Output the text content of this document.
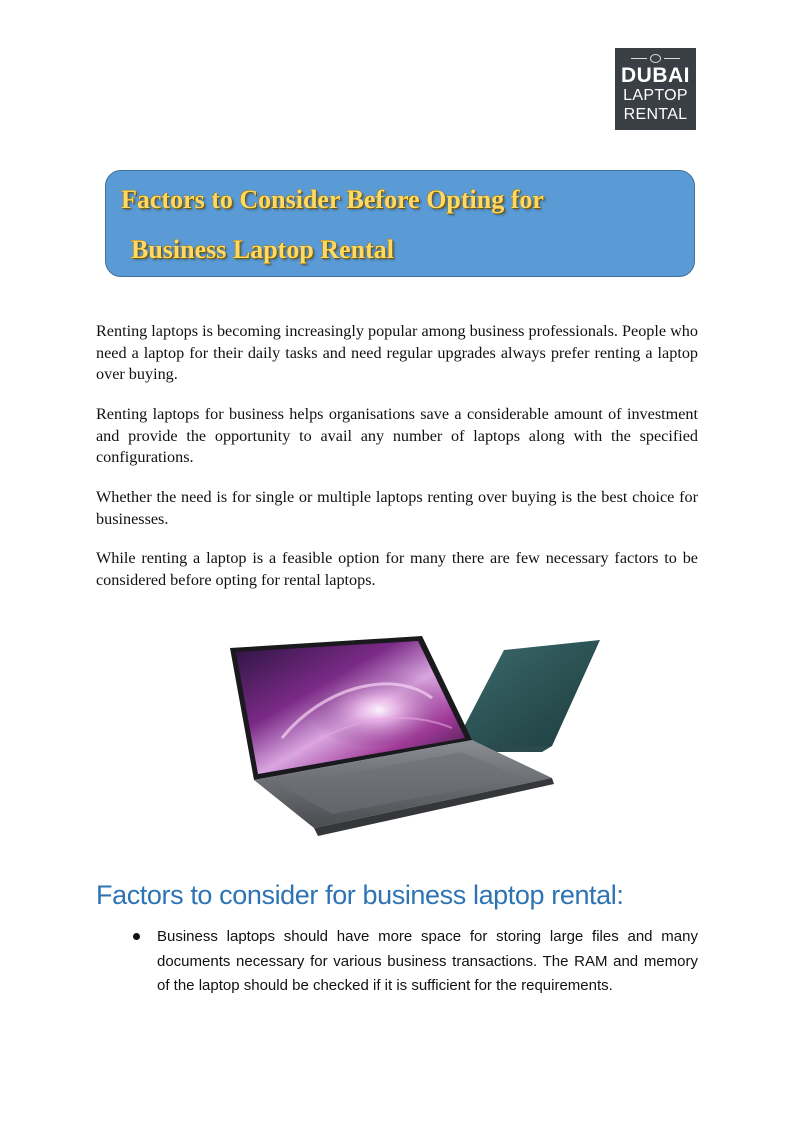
DUBAI
LAPTOP
RENTAL
Factors to Consider Before Opting for
Business Laptop Rental

Renting laptops is becoming increasingly popular among business professionals. People who need a laptop for their daily tasks and need regular upgrades always prefer renting a laptop over buying.

Renting laptops for business helps organisations save a considerable amount of investment and provide the opportunity to avail any number of laptops along with the specified configurations.

Whether the need is for single or multiple laptops renting over buying is the best choice for businesses.

While renting a laptop is a feasible option for many there are few necessary factors to be considered before opting for rental laptops.

Factors to consider for business laptop rental:
Business laptops should have more space for storing large files and many documents necessary for various business transactions. The RAM and memory of the laptop should be checked if it is sufficient for the requirements.
